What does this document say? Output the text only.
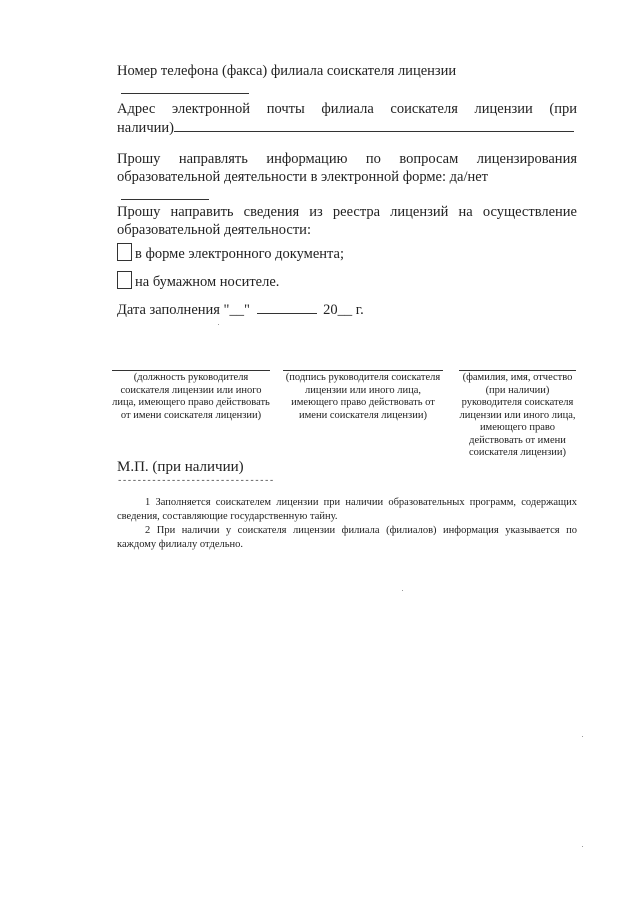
Номер телефона (факса) филиала соискателя лицензии
Адрес электронной почты филиала соискателя лицензии (при
наличии)
Прошу направлять информацию по вопросам лицензирования
образовательной деятельности в электронной форме: да/нет
Прошу направить сведения из реестра лицензий на осуществление
образовательной деятельности:
в форме электронного документа;
на бумажном носителе.
Дата заполнения "__"	20__ г.
(должность руководителя соискателя лицензии или иного лица, имеющего право действовать от имени соискателя лицензии)
(подпись руководителя соискателя лицензии или иного лица, имеющего право действовать от имени соискателя лицензии)
(фамилия, имя, отчество (при наличии) руководителя соискателя лицензии или иного лица, имеющего право действовать от имени соискателя лицензии)
М.П. (при наличии)
--------------------------------
1 Заполняется соискателем лицензии при наличии образовательных программ, содержащих сведения, составляющие государственную тайну.
2 При наличии у соискателя лицензии филиала (филиалов) информация указывается по каждому филиалу отдельно.
